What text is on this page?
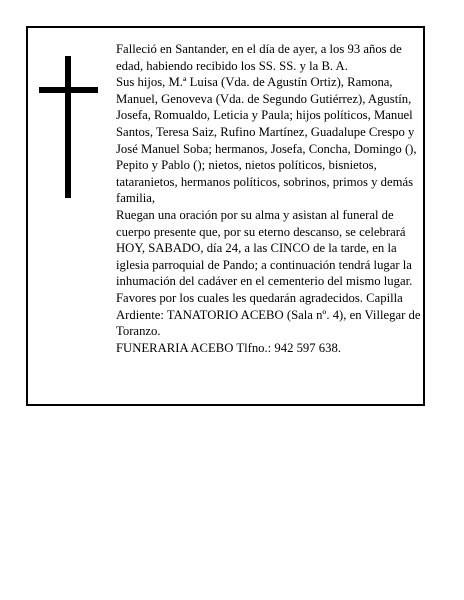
Falleció en Santander, en el día de ayer, a los 93 años de edad, habiendo recibido los SS. SS. y la B. A.

Sus hijos, M.ª Luisa (Vda. de Agustín Ortiz), Ramona, Manuel, Genoveva (Vda. de Segundo Gutiérrez), Agustín, Josefa, Romualdo, Leticia y Paula; hijos políticos, Manuel Santos, Teresa Saiz, Rufino Martínez, Guadalupe Crespo y José Manuel Soba; hermanos, Josefa, Concha, Domingo (), Pepito y Pablo (); nietos, nietos políticos, bisnietos, tataranietos, hermanos políticos, sobrinos, primos y demás familia,

Ruegan una oración por su alma y asistan al funeral de cuerpo presente que, por su eterno descanso, se celebrará HOY, SABADO, día 24, a las CINCO de la tarde, en la iglesia parroquial de Pando; a continuación tendrá lugar la inhumación del cadáver en el cementerio del mismo lugar. Favores por los cuales les quedarán agradecidos. Capilla Ardiente: TANATORIO ACEBO (Sala nº. 4), en Villegar de Toranzo.

FUNERARIA ACEBO Tlfno.: 942 597 638.
